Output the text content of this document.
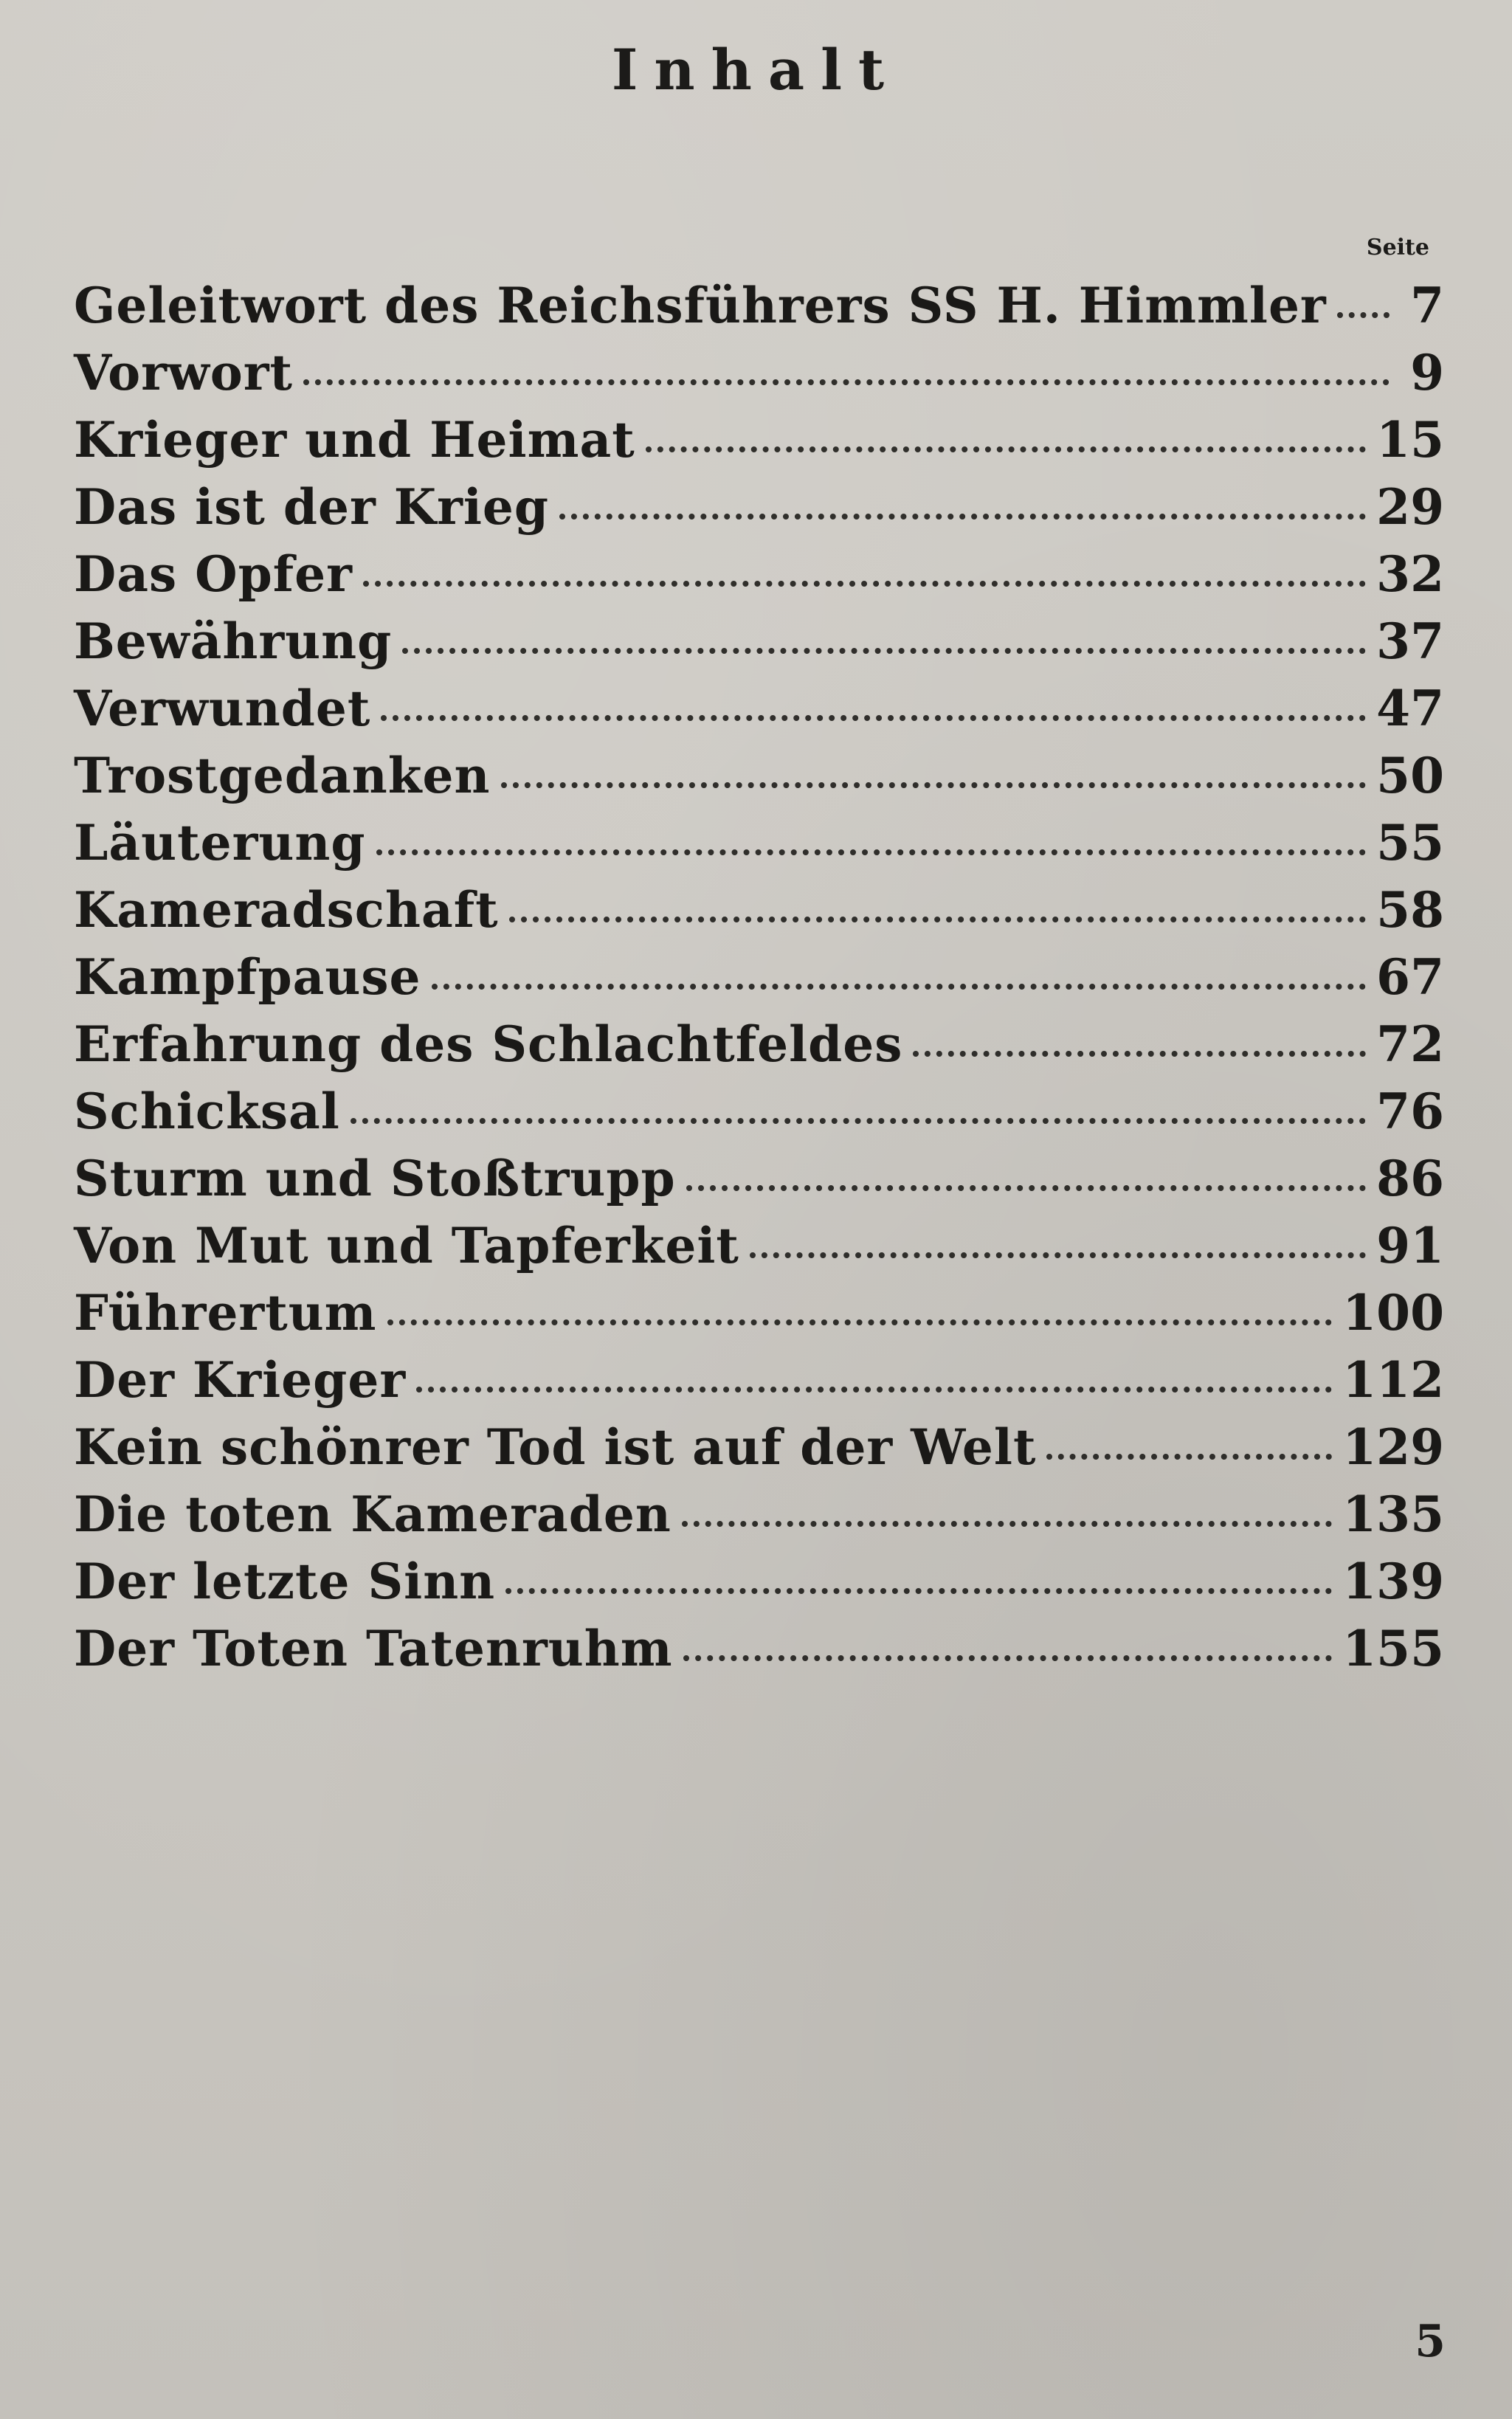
Inhalt
Seite
Geleitwort des Reichsführers SS H. Himmler 7
Vorwort	9
Krieger und Heimat	15
Das ist der Krieg	29
Das Opfer	32
Bewährung	37
Verwundet	47
Trostgedanken	50
Läuterung	55
Kameradschaft	58
Kampfpause	67
Erfahrung des Schlachtfeldes	72
Schicksal	76
Sturm und Stoßtrupp	86
Von Mut und Tapferkeit	91
Führertum	100
Der Krieger	112
Kein schönrer Tod ist auf der Welt	129
Die toten Kameraden	135
Der letzte Sinn	139
Der Toten Tatenruhm	155
5
